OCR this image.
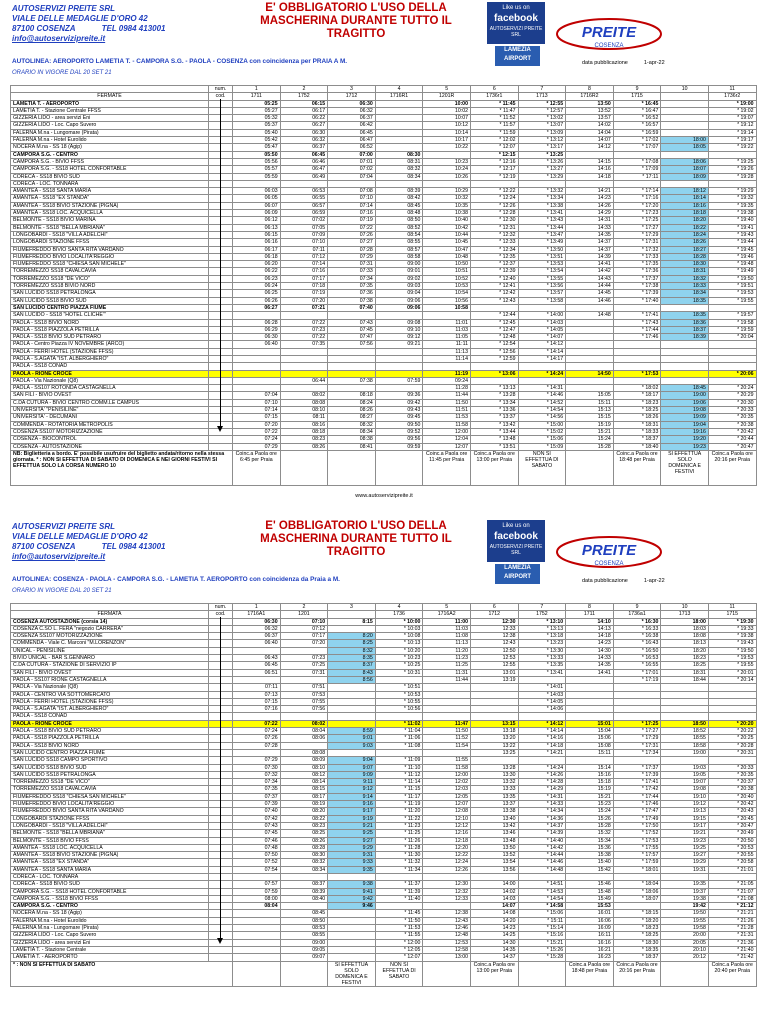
AUTOSERVIZI PREITE SRL
VIALE DELLE MEDAGLIE D'ORO 42
87100 COSENZA	TEL 0984 413001
info@autoservizipreite.it
E' OBBLIGATORIO L'USO DELLA MASCHERINA DURANTE TUTTO IL TRAGITTO
Like us on
facebook
AUTOSERVIZI PREITE SRL
LAMEZIA AIRPORT
PREITE
COSENZA
AUTOLINEA: AEROPORTO LAMETIA T. - CAMPORA S.G. - PAOLA - COSENZA con coincidenza per PRAIA A M.	data pubblicazione	1-apr-22
ORARIO IN VIGORE DAL 20 SET 21
	num.	1	2	3	4	5	6	7	8	9	10	11
FERMATE	cod.	1711	1752	1712	1716R1	1201R	1736r1	1713	1716R2	1715		1736r2
LAMETIA T. - AEROPORTO		05:25	06:15	06:30		10:00	* 11:45	* 12:55	13:50	* 16:45		* 19:00
LAMETIA T. - Stazione Centrale FFSS		05:27	06:17	06:32		10:02	* 11:47	* 12:57	13:52	* 16:47		* 19:02
GIZZERIA LIDO - area servizi Eni		05:32	06:22	06:37		10:07	* 11:52	* 13:02	13:57	* 16:52		* 19:07
GIZZERIA LIDO - Loc. Capo Suvero		05:37	06:27	06:42		10:12	* 11:57	* 13:07	14:02	* 16:57		* 19:12
FALERNA M.na - Lungomare (Pirata)		05:40	06:30	06:45		10:14	* 11:59	* 13:09	14:04	* 16:59		* 19:14
FALERNA M.na - Hotel Eurolido		05:42	06:32	06:47		10:17	* 12:02	* 13:12	14:07	* 17:02	18:00	* 19:17
NOCERA M.na - SS 18 (Agip)		05:47	06:37	06:52		10:22	* 12:07	* 13:17	14:12	* 17:07	18:05	* 19:22
CAMPORA S.G. - CENTRO		05:50	06:45	07:00	08:30		* 12:15	* 13:25				
CAMPORA S.G. - BIVIO FFSS		05:56	06:46	07:01	08:31	10:23	* 12:16	* 13:26	14:15	* 17:08	18:06	* 19:25
CAMPORA S.G. - SS18 HOTEL CONFORTABLE		05:57	06:47	07:02	08:32	10:24	* 12:17	* 13:27	14:16	* 17:09	18:07	* 19:26
CORECA - SS18 BIVIO SUD		05:59	06:49	07:04	08:34	10:26	* 12:19	* 13:29	14:18	* 17:11	18:09	* 19:28
CORECA - LOC. TONNARA												
AMANTEA - SS18 SANTA MARIA		06:03	06:53	07:08	08:39	10:29	* 12:22	* 13:32	14:21	* 17:14	18:12	* 19:29
AMANTEA - SS18 "EX STANDA"		06:05	06:55	07:10	08:42	10:32	* 12:24	* 13:34	14:23	* 17:16	18:14	* 19:32
AMANTEA - SS18 BIVIO STAZIONE (PIGNA)		06:07	06:57	07:14	08:45	10:35	* 12:26	* 13:38	14:26	* 17:20	18:16	* 19:35
AMANTEA - SS18 LOC. ACQUICELLA		06:09	06:59	07:16	08:48	10:38	* 12:28	* 13:41	14:29	* 17:23	18:18	* 19:38
BELMONTE - SS18 BIVIO MARINA		06:12	07:02	07:19	08:50	10:40	* 12:30	* 13:43	14:31	* 17:25	18:20	* 19:40
BELMONTE - SS18 "BELLA MBRIANA"		06:13	07:05	07:22	08:52	10:42	* 12:31	* 13:44	14:33	* 17:27	18:22	* 19:41
LONGOBARDI - SS18 "VILLA ADELCHI"		06:15	07:09	07:26	08:54	10:44	* 12:32	* 13:47	14:35	* 17:29	18:24	* 19:43
LONGOBARDI STAZIONE FFSS		06:16	07:10	07:27	08:55	10:45	* 12:33	* 13:49	14:37	* 17:31	18:26	* 19:44
FIUMEFREDDO BIVIO SANTA RITA VARDANO		06:17	07:11	07:28	08:57	10:47	* 12:34	* 13:50	14:37	* 17:32	18:27	* 19:45
FIUMEFREDDO BIVIO LOCALITA'REGGIO		06:18	07:12	07:29	08:58	10:48	* 12:35	* 13:51	14:39	* 17:33	18:28	* 19:46
FIUMEFREDDO SS18 "CHIESA SAN MICHELE"		06:20	07:14	07:31	09:00	10:50	* 12:37	* 13:53	14:41	* 17:35	18:30	* 19:48
TORREMEZZO SS18 CAVALCAVIA		06:22	07:16	07:33	09:01	10:51	* 12:39	* 13:54	14:42	* 17:36	18:31	* 19:49
TORREMEZZO SS18 "DE VICO"		06:23	07:17	07:34	09:02	10:52	* 12:40	* 13:55	14:43	* 17:37	18:32	* 19:50
TORREMEZZO SS18 BIVIO NORD		06:24	07:18	07:35	09:03	10:53	* 12:41	* 13:56	14:44	* 17:38	18:33	* 19:51
SAN LUCIDO SS18 PETRALONGA		06:25	07:19	07:36	09:04	10:54	* 12:42	* 13:57	14:45	* 17:39	18:34	* 19:53
SAN LUCIDO SS18 BIVIO SUD		06:26	07:20	07:38	09:06	10:56	* 12:43	* 13:58	14:46	* 17:40	18:35	* 19:55
SAN LUCIDO CENTRO PIAZZA FIUME		06:27	07:21	07:40	09:06	10:58						
SAN LUCIDO - SS18 "HOTEL CLICHE'"							* 12:44	* 14:00	14:48	* 17:41	18:35	* 19:57
PAOLA - SS18 BIVIO NORD		06:28	07:22	07:43	09:08	11:01	* 12:45	* 14:03		* 17:43	18:36	* 19:58
PAOLA - SS18 PIAZZOLA PETRILLA		06:29	07:23	07:45	09:10	11:03	* 12:47	* 14:05		* 17:44	18:37	* 19:59
PAOLA - SS18 BIVIO SUD PETRARO		06:30	07:22	07:47	09:12	11:05	* 12:48	* 14:07		* 17:46	18:39	* 20:04
PAOLA - Centro Piazza IV NOVEMBRE (ARCO)		06:40	07:35	07:56	09:21	11:11	* 12:54	* 14:12				
PAOLA - FERRI HOTEL (STAZIONE FFSS)						11:13	* 12:56	* 14:14				
PAOLA - S.AGATA "IST. ALBERGHIERO"						11:14	* 12:59	* 14:17				
PAOLA - SS18 CONAD												
PAOLA - RIONE CROCE						11:19	* 13:06	* 14:24	14:50	* 17:53		* 20:06
PAOLA - Via Nazionale (Q8)			06:44	07:38	07:59	09:24						
PAOLA - SS107 ROTONDA CASTAGNELLA						11:28	* 13:13	* 14:31		* 18:02	18:45	* 20:24
SAN FILI - BIVIO OVEST		07:04	08:02	08:18	09:36	11:44	* 13:28	* 14:46	15:05	* 18:17	19:00	* 20:29
C.DA CUTURA - BIVIO CENTRO COMM.LE CAMPUS		07:10	08:08	08:24	09:42	11:50	* 13:34	* 14:52	15:11	* 18:23	19:06	* 20:30
UNIVERSITA' "PENISILINE"		07:14	08:10	08:26	09:43	11:51	* 13:36	* 14:54	15:13	* 18:25	19:08	* 20:33
UNIVERSITA' - DECUMANI		07:15	08:11	08:27	09:45	11:53	* 13:37	* 14:56	15:15	* 18:26	19:09	* 20:35
COMMENDA - ROTATORIA METROPOLIS		07:20	08:16	08:32	09:50	11:58	* 13:42	* 15:00	15:19	* 18:31	19:04	* 20:38
COSENZA SS107 MOTORIZZAZIONE		07:22	08:18	08:34	09:52	12:00	* 13:44	* 15:02	15:21	* 18:33	19:16	* 20:42
COSENZA - BIOCONTROL		07:24	08:23	08:38	09:56	12:04	* 13:48	* 15:06	15:24	* 18:37	19:20	* 20:44
COSENZA - AUTOSTAZIONE		07:29	08:26	08:41	09:59	12:07	* 13:51	* 15:09	15:28	* 18:40	19:23	* 20:47
NB: Biglietteria a bordo. E' possibile usufruire del biglietto andata/ritorno nella stessa giornata. * : NON SI EFFETTUA DI SABATO DI DOMENICA E NEI GIORNI FESTIVI SI EFFETTUA SOLO LA CORSA NUMERO 10		Coinc.a Paola ore 6:45 per Praia				Coinc.a Paola ore 11:45 per Praia	Coinc.a Paola ore 13:00 per Praia	NON SI EFFETTUA DI SABATO		Coinc.a Paola ore 18:48 per Praia	SI EFFETTUA SOLO DOMENICA E FESTIVI	Coinc.a Paola ore 20:16 per Praia
www.autoservizipreite.it
AUTOSERVIZI PREITE SRL
VIALE DELLE MEDAGLIE D'ORO 42
87100 COSENZA	TEL 0984 413001
info@autoservizipreite.it
E' OBBLIGATORIO L'USO DELLA MASCHERINA DURANTE TUTTO IL TRAGITTO
Like us on
facebook
AUTOSERVIZI PREITE SRL
LAMEZIA AIRPORT
PREITE
COSENZA
AUTOLINEA: COSENZA - PAOLA - CAMPORA S.G. - LAMETIA T. AEROPORTO con coincidenza da Praia a M.	data pubblicazione	1-apr-22
ORARIO IN VIGORE DAL 20 SET 21
	num.	1	2	3	4	5	6	7	8	9	10	11
FERMATA	cod.	1716A1	1201		1736	1716A2	1712	1752	1711	1736a1	1713	1715
COSENZA AUTOSTAZIONE (corsia 14)		06:30	07:10	8:15	* 10:00	11:00	12:30	* 13:10	14:10	* 16:30	18:00	* 19:30
COSENZA C.SO L. FERA "negozio CARRERA"		06:32	07:12		* 10:03	11:03	12:33	* 13:13	14:13	* 16:33	18:03	* 19:33
COSENZA SS107 MOTORIZZAZIONE		06:37	07:17	8:20	* 10:08	11:08	12:38	* 13:18	14:18	* 16:38	18:08	* 19:38
COMMENDA - Viale C. Marconi "M.LORENZON"		06:40	07:20	8:25	* 10:13	11:13	12:43	* 13:23	14:23	* 16:43	18:13	* 19:43
UNICAL - PENISILINE				8:32	* 10:20	11:20	12:50	* 13:30	14:30	* 16:50	18:20	* 19:50
BIVIO UNICAL - BAR S.GENNARO		06:43	07:23	8:35	* 10:23	11:23	12:53	* 13:33	14:33	* 16:53	18:23	* 19:53
C.DA CUTURA - STAZIONE DI SERVIZIO IP		06:45	07:25	8:37	* 10:25	11:25	12:55	* 13:35	14:35	* 16:55	18:25	* 19:55
SAN FILI - BIVIO OVEST		06:51	07:31	8:43	* 10:31	11:31	13:01	* 13:41	14:41	* 17:01	18:31	* 20:01
PAOLA - SS107 RIONE CASTAGNELLA				8:56		11:44	13:19			* 17:19	18:44	* 20:14
PAOLA - Via Nazionale (Q8)		07:11	07:51		* 10:51			* 14:01				
PAOLA - CENTRO VIA SOTTOMERCATO		07:13	07:53		* 10:53			* 14:03				
PAOLA - FERRI HOTEL (STAZIONE FFSS)		07:15	07:55		* 10:55			* 14:05				
PAOLA - S.AGATA "IST. ALBERGHIERO"		07:16	07:56		* 10:56			* 14:06				
PAOLA - SS18 CONAD												
PAOLA - RIONE CROCE		07:22	08:02		* 11:02	11:47	13:15	* 14:12	15:01	* 17:25	18:50	* 20:20
PAOLA - SS18 BIVIO SUD PETRARO		07:24	08:04	8:59	* 11:04	11:50	13:18	* 14:14	15:04	* 17:27	18:52	* 20:22
PAOLA - SS18 PIAZZOLA PETRILLA		07:26	08:06	9:01	* 11:06	11:52	13:20	* 14:16	15:06	* 17:29	18:55	* 20:25
PAOLA - SS18 BIVIO NORD		07:28		9:03	* 11:08	11:54	13:22	* 14:18	15:08	* 17:31	18:58	* 20:28
SAN LUCIDO CENTRO PIAZZA FIUME			08:08				13:25	* 14:21	15:11	* 17:34	19:00	* 20:31
SAN LUCIDO SS18 CAMPO SPORTIVO		07:29	08:09	9:04	* 11:09	11:55						
SAN LUCIDO SS18 BIVIO SUD		07:30	08:10	9:07	* 11:10	11:58	13:28	* 14:24	15:14	* 17:37	19:03	* 20:33
SAN LUCIDO SS18 PETRALONGA		07:32	08:12	9:09	* 11:12	12:00	13:30	* 14:26	15:16	* 17:39	19:05	* 20:35
TORREMEZZO SS18 "DE VICO"		07:34	08:14	9:11	* 11:14	12:02	13:32	* 14:28	15:18	* 17:41	19:07	* 20:37
TORREMEZZO SS18 CAVALCAVIA		07:35	08:15	9:12	* 11:15	12:03	13:33	* 14:29	15:19	* 17:42	19:08	* 20:38
FIUMEFREDDO SS18 "CHIESA SAN MICHELE"		07:37	08:17	9:14	* 11:17	12:05	13:35	* 14:31	15:21	* 17:44	19:10	* 20:40
FIUMEFREDDO BIVIO LOCALITA'REGGIO		07:39	08:19	9:16	* 11:19	12:07	13:37	* 14:33	15:23	* 17:46	19:12	* 20:42
FIUMEFREDDO BIVIO SANTA RITA VARDANO		07:40	08:20	9:17	* 11:20	12:08	13:38	* 14:34	15:24	* 17:47	19:13	* 20:43
LONGOBARDI STAZIONE FFSS		07:42	08:22	9:19	* 11:22	12:10	13:40	* 14:36	15:26	* 17:49	19:15	* 20:45
LONGOBARDI - SS18 "VILLA ADELCHI"		07:43	08:23	9:21	* 11:23	12:12	13:42	* 14:37	15:28	* 17:50	19:17	* 20:47
BELMONTE - SS18 "BELLA MBRIANA"		07:45	08:25	9:25	* 11:25	12:16	13:46	* 14:39	15:32	* 17:52	19:21	* 20:49
BELMONTE - SS18 BIVIO FFSS		07:46	08:26	9:27	* 11:26	12:18	13:48	* 14:40	15:34	* 17:53	19:23	* 20:50
AMANTEA - SS18 LOC. ACQUICELLA		07:48	08:28	9:29	* 11:28	12:20	13:50	* 14:42	15:36	* 17:55	19:25	* 20:53
AMANTEA - SS18 BIVIO STAZIONE (PIGNA)		07:50	08:30	9:31	* 11:30	12:22	13:52	* 14:44	15:38	* 17:57	19:27	* 20:55
AMANTEA - SS18 "EX STANDA"		07:52	08:32	9:33	* 11:32	12:24	13:54	* 14:46	15:40	* 17:59	19:29	* 20:58
AMANTEA - SS18 SANTA MARIA		07:54	08:34	9:35	* 11:34	12:26	13:56	* 14:48	15:42	* 18:01	19:31	* 21:01
CORECA - LOC. TONNARA												
CORECA - SS18 BIVIO SUD		07:57	08:37	9:38	* 11:37	12:30	14:00	* 14:51	15:46	* 18:04	19:35	* 21:05
CAMPORA S.G. - SS18 HOTEL CONFORTABLE		07:59	08:39	9:41	* 11:39	12:32	14:02	* 14:53	15:48	* 18:06	19:37	* 21:07
CAMPORA S.G. - SS18 BIVIO FFSS		08:00	08:40	9:42	* 11:40	12:33	14:03	* 14:54	15:49	* 18:07	19:38	* 21:08
CAMPORA S.G. - CENTRO		08:04		9:46			14:07	* 14:58	15:53		19:42	* 21:12
NOCERA M.na - SS 18 (Agip)			08:45		* 11:45	12:38	14:08	* 15:06	16:01	* 18:15	19:50	* 21:21
FALERNA M.na - Hotel Eurolido			08:50		* 11:50	12:43	14:20	* 15:11	16:06	* 18:20	19:55	* 21:26
FALERNA M.na - Lungomare (Pirata)			08:53		* 11:53	12:46	14:23	* 15:14	16:09	* 18:23	19:58	* 21:28
GIZZERIA LIDO - Loc. Capo Suvero			08:55		* 11:55	12:48	14:25	* 15:16	16:11	* 18:25	20:00	* 21:31
GIZZERIA LIDO - area servizi Eni			09:00		* 12:00	12:53	14:30	* 15:21	16:16	* 18:30	20:05	* 21:36
LAMETIA T. - Stazione Centrale			09:05		* 12:05	12:58	14:35	* 15:26	16:21	* 18:35	20:10	* 21:40
LAMETIA T. - AEROPORTO			09:07		* 12:07	13:00	14:37	* 15:28	16:23	* 18:37	20:12	* 21:42
* : NON SI EFFETTUA DI SABATO				SI EFFETTUA SOLO DOMENICA E FESTIVI	NON SI EFFETTUA DI SABATO		Coinc.a Paola ore 13:00 per Praia		Coinc.a Paola ore 18:48 per Praia	Coinc.a Paola ore 20:16 per Praia		Coinc.a Paola ore 20:40 per Praia
